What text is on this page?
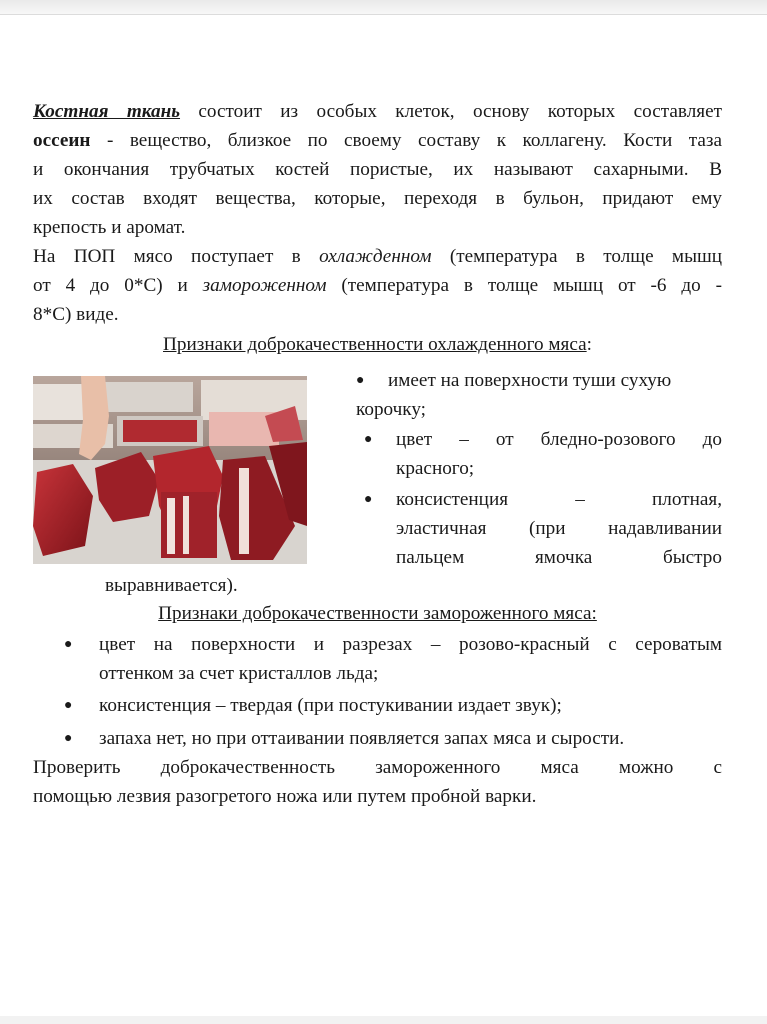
Костная ткань состоит из особых клеток, основу которых составляет
оссеин - вещество, близкое по своему составу к коллагену. Кости таза
и окончания трубчатых костей пористые, их называют сахарными. В
их состав входят вещества, которые, переходя в бульон, придают ему
крепость и аромат.
На ПОП мясо поступает в охлажденном (температура в толще мышц
от 4 до 0*С) и замороженном (температура в толще мышц от -6 до -
8*С) виде.
Признаки доброкачественности охлажденного мяса:
● имеет на поверхности туши сухую
корочку;
● цвет – от бледно-розового до
красного;
● консистенция – плотная,
эластичная (при надавливании
пальцем ямочка быстро
выравнивается).
Признаки доброкачественности замороженного мяса:
● цвет на поверхности и разрезах – розово-красный с сероватым
оттенком за счет кристаллов льда;
● консистенция – твердая (при постукивании издает звук);
● запаха нет, но при оттаивании появляется запах мяса и сырости.
Проверить доброкачественность замороженного мяса можно с
помощью лезвия разогретого ножа или путем пробной варки.
